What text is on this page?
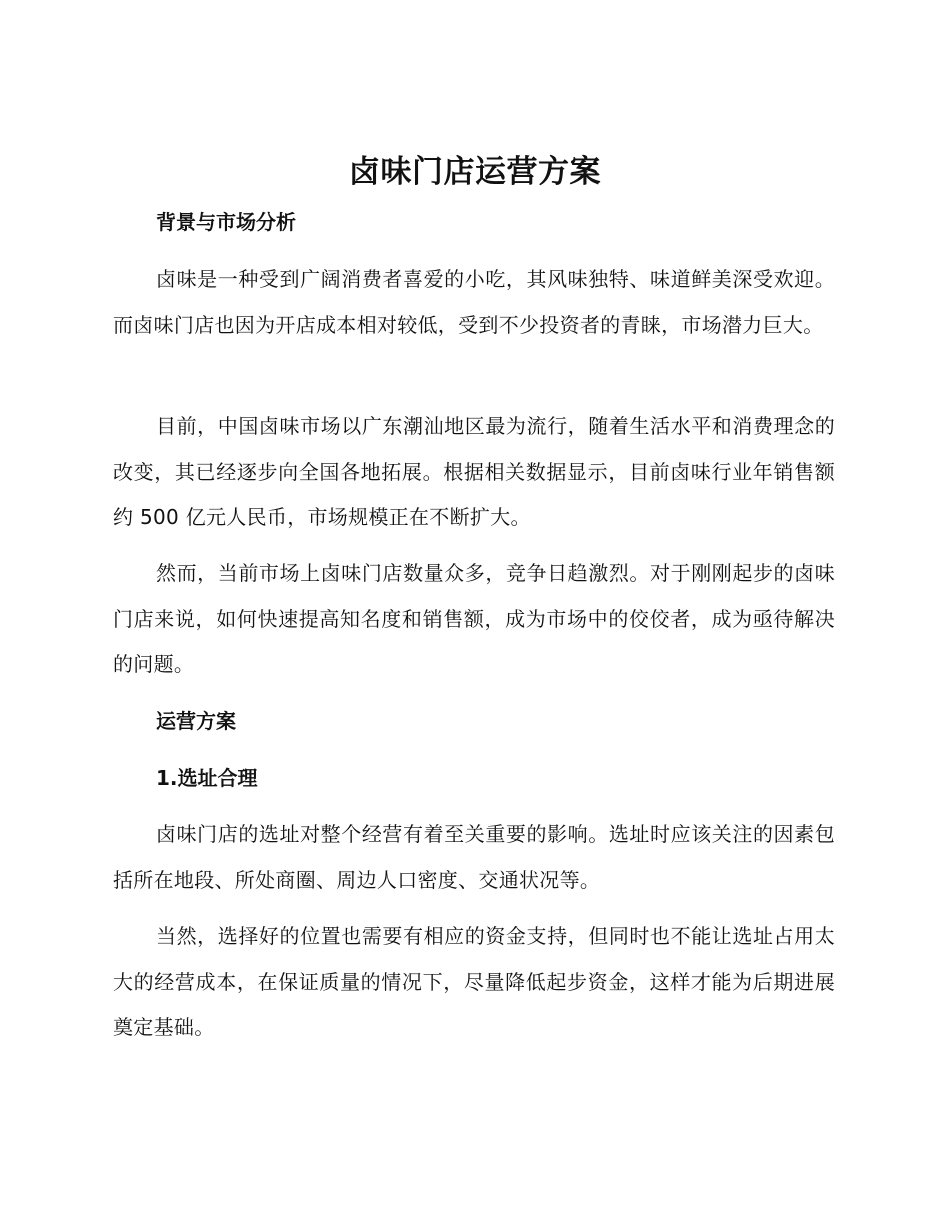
卤味门店运营方案
背景与市场分析

卤味是一种受到广阔消费者喜爱的小吃，其风味独特、味道鲜美深受欢迎。而卤味门店也因为开店成本相对较低，受到不少投资者的青睐，市场潜力巨大。

目前，中国卤味市场以广东潮汕地区最为流行，随着生活水平和消费理念的改变，其已经逐步向全国各地拓展。根据相关数据显示，目前卤味行业年销售额约 500 亿元人民币，市场规模正在不断扩大。

然而，当前市场上卤味门店数量众多，竞争日趋激烈。对于刚刚起步的卤味门店来说，如何快速提高知名度和销售额，成为市场中的佼佼者，成为亟待解决的问题。

运营方案
1.选址合理

卤味门店的选址对整个经营有着至关重要的影响。选址时应该关注的因素包括所在地段、所处商圈、周边人口密度、交通状况等。

当然，选择好的位置也需要有相应的资金支持，但同时也不能让选址占用太大的经营成本，在保证质量的情况下，尽量降低起步资金，这样才能为后期进展奠定基础。
